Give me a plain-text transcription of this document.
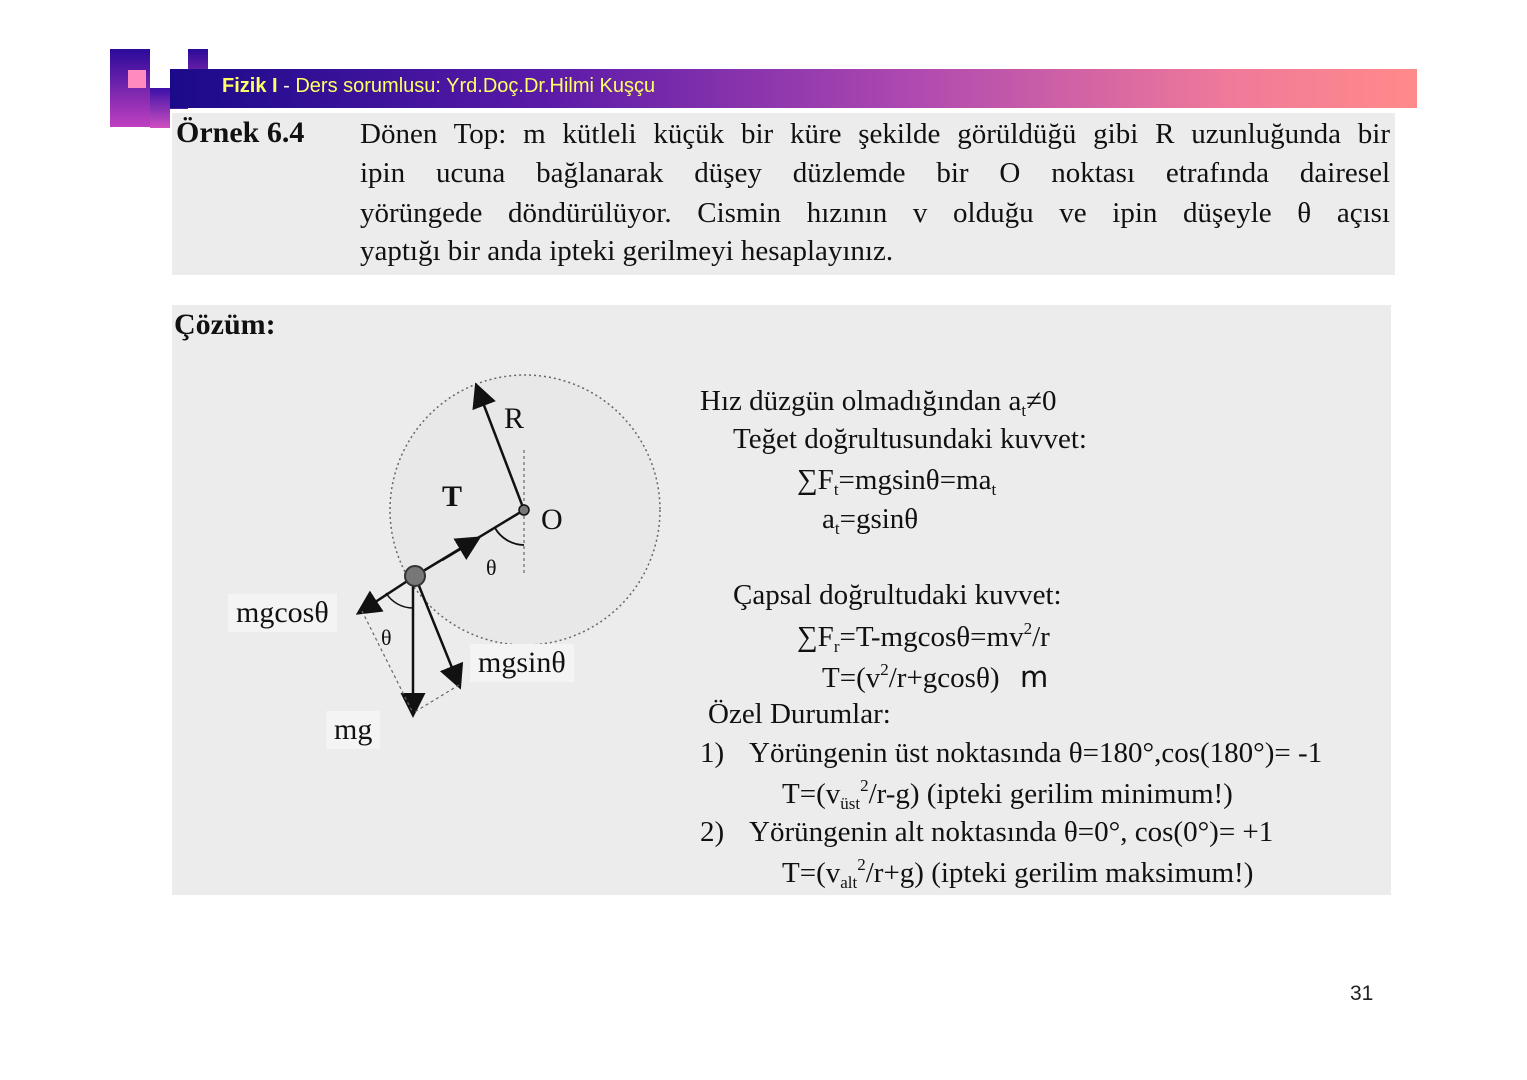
Fizik I - Ders sorumlusu: Yrd.Doç.Dr.Hilmi Kuşçu
Örnek 6.4 Dönen Top: m kütleli küçük bir küre şekilde görüldüğü gibi R uzunluğunda bir
ipin ucuna bağlanarak düşey düzlemde bir O noktası etrafında dairesel
yörüngede döndürülüyor. Cismin hızının v olduğu ve ipin düşeyle θ açısı
yaptığı bir anda ipteki gerilmeyi hesaplayınız.
Çözüm:
R
T
O
θ
θ
mgcosθ
mgsinθ
mg
Hız düzgün olmadığından $a_t\ne 0$
Teğet doğrultusundaki kuvvet:
$\sum F_t=mgsin\theta=ma_t$
$a_t=gsin\theta$
Çapsal doğrultudaki kuvvet:
$\sum F_r=T-mgcos\theta=mv^2/r$
$T=(v^2/r+gcos\theta)$ m
Özel Durumlar:
1) Yörüngenin üst noktasında θ=180°,cos(180°)= -1
$T=(v_{üst}^2/r-g)$ (ipteki gerilim minimum!)
2) Yörüngenin alt noktasında θ=0°, cos(0°)= +1
$T=(v_{alt}^2/r+g)$ (ipteki gerilim maksimum!)
31
